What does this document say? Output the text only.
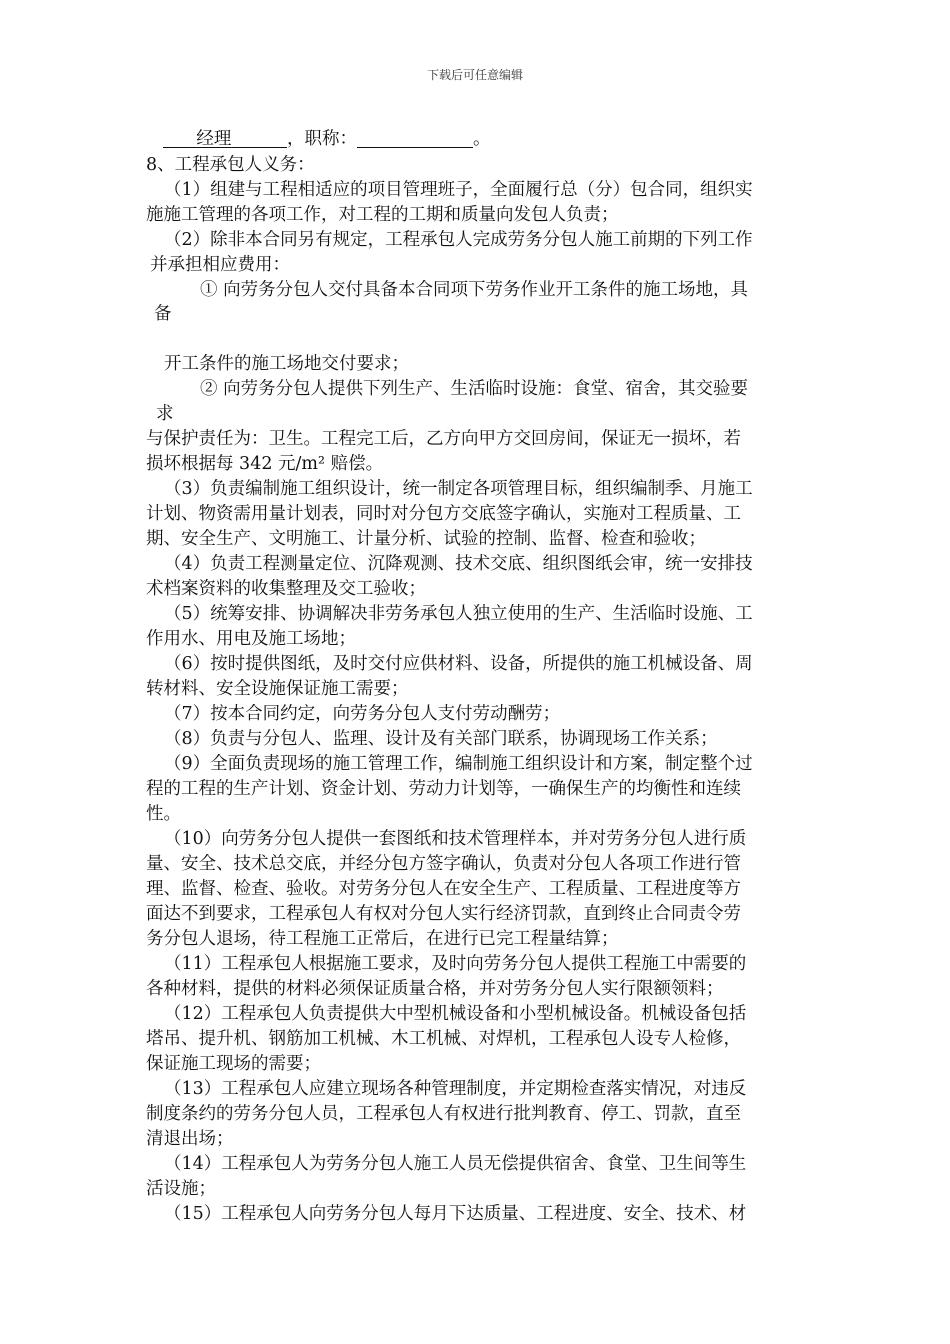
下载后可任意编辑
经理	，职称：	。
8、工程承包人义务：
（1）组建与工程相适应的项目管理班子，全面履行总（分）包合同，组织实
施施工管理的各项工作，对工程的工期和质量向发包人负责；
（2）除非本合同另有规定，工程承包人完成劳务分包人施工前期的下列工作
并承担相应费用：
① 向劳务分包人交付具备本合同项下劳务作业开工条件的施工场地，具
备
开工条件的施工场地交付要求；
② 向劳务分包人提供下列生产、生活临时设施：食堂、宿舍，其交验要
求
与保护责任为：卫生。工程完工后，乙方向甲方交回房间，保证无一损坏，若
损坏根据每 342 元/m² 赔偿。
（3）负责编制施工组织设计，统一制定各项管理目标，组织编制季、月施工
计划、物资需用量计划表，同时对分包方交底签字确认，实施对工程质量、工
期、安全生产、文明施工、计量分析、试验的控制、监督、检查和验收；
（4）负责工程测量定位、沉降观测、技术交底、组织图纸会审，统一安排技
术档案资料的收集整理及交工验收；
（5）统筹安排、协调解决非劳务承包人独立使用的生产、生活临时设施、工
作用水、用电及施工场地；
（6）按时提供图纸，及时交付应供材料、设备，所提供的施工机械设备、周
转材料、安全设施保证施工需要；
（7）按本合同约定，向劳务分包人支付劳动酬劳；
（8）负责与分包人、监理、设计及有关部门联系，协调现场工作关系；
（9）全面负责现场的施工管理工作，编制施工组织设计和方案，制定整个过
程的工程的生产计划、资金计划、劳动力计划等，一确保生产的均衡性和连续
性。
（10）向劳务分包人提供一套图纸和技术管理样本，并对劳务分包人进行质
量、安全、技术总交底，并经分包方签字确认，负责对分包人各项工作进行管
理、监督、检查、验收。对劳务分包人在安全生产、工程质量、工程进度等方
面达不到要求，工程承包人有权对分包人实行经济罚款，直到终止合同责令劳
务分包人退场，待工程施工正常后，在进行已完工程量结算；
（11）工程承包人根据施工要求，及时向劳务分包人提供工程施工中需要的
各种材料，提供的材料必须保证质量合格，并对劳务分包人实行限额领料；
（12）工程承包人负责提供大中型机械设备和小型机械设备。机械设备包括
塔吊、提升机、钢筋加工机械、木工机械、对焊机，工程承包人设专人检修，
保证施工现场的需要；
（13）工程承包人应建立现场各种管理制度，并定期检查落实情况，对违反
制度条约的劳务分包人员，工程承包人有权进行批判教育、停工、罚款，直至
清退出场；
（14）工程承包人为劳务分包人施工人员无偿提供宿舍、食堂、卫生间等生
活设施；
（15）工程承包人向劳务分包人每月下达质量、工程进度、安全、技术、材
